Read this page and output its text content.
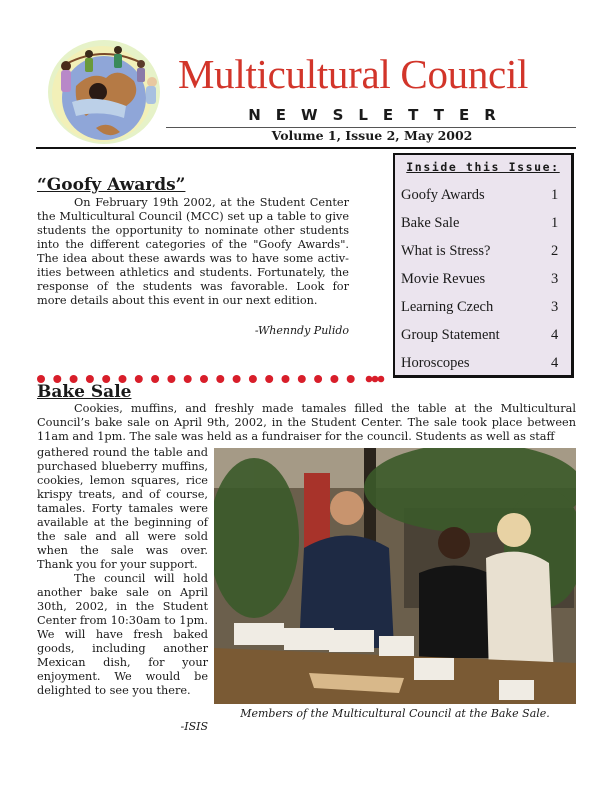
Multicultural Council
NEWSLETTER
Volume 1, Issue 2, May 2002
Inside this Issue:
Goofy Awards	1
Bake Sale	1
What is Stress?	2
Movie Revues	3
Learning Czech	3
Group Statement	4
Horoscopes	4
“Goofy Awards”
On February 19th 2002, at the Student Center the Multicultural Council (MCC) set up a table to give students the opportunity to nominate other students into the different categories of the "Goofy Awards". The idea about these awards was to have some activ-ities between athletics and students. Fortunately, the response of the students was favorable. Look for more details about this event in our next edition.
-Whenndy Pulido
Bake Sale
Cookies, muffins, and freshly made tamales filled the table at the Multicultural Council’s bake sale on April 9th, 2002, in the Student Center. The sale took place between 11am and 1pm. The sale was held as a fundraiser for the council. Students as well as staff
gathered round the table and purchased blueberry muffins, cookies, lemon squares, rice krispy treats, and of course, tamales. Forty tamales were available at the beginning of the sale and all were sold when the sale was over. Thank you for your support.
The council will hold another bake sale on April 30th, 2002, in the Student Center from 10:30am to 1pm. We will have fresh baked goods, including another Mexican dish, for your enjoyment. We would be delighted to see you there.
-ISIS
Members of the Multicultural Council at the Bake Sale.
